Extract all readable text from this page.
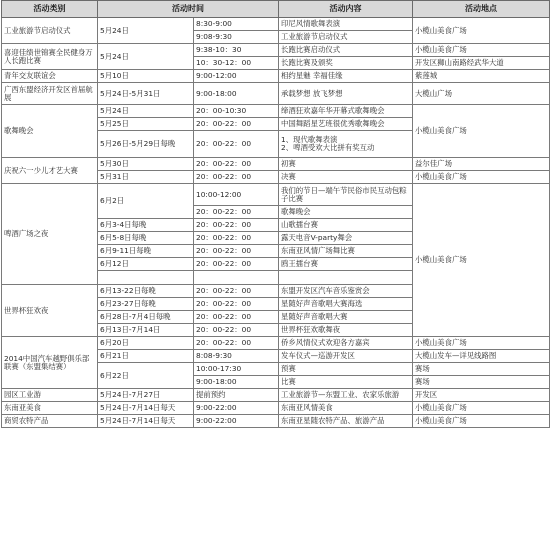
活动类别	活动时间		活动内容	活动地点
工业旅游节启动仪式	5月24日	8:30-9:00	印尼风情歌舞表演	小榄山美食广场
		9:08-9:30	工业旅游节启动仪式	
喜迎佳绩世锦赛全民健身万人长跑比赛	5月24日	9:38-10：30	长跑比赛启动仪式	小榄山美食广场
		10：30-12：00	长跑比赛及颁奖	开发区狮山南路经武华大道
青年交友联谊会	5月10日	9:00-12:00	相约星魅 幸福佳缘	紫莲城
广西东盟经济开发区首届航展	5月24日-5月31日	9:00-18:00	承载梦想 放飞梦想	大榄山广场
歌舞晚会	5月24日	20：00-10:30	缔酒狂欢嘉年华开幕式歌舞晚会	小榄山美食广场
	5月25日	20：00-22：00	中国舞蹈星艺班很优秀歌舞晚会	
	5月26日-5月29日每晚	20：00-22：00	1、现代歌舞表演
2、啤酒受欢大比拼有奖互动	

庆祝六一少儿才艺大赛	5月30日	20：00-22：00	初赛	益尔佳广场
	5月31日	20：00-22：00	决赛	小榄山美食广场
啤酒广场之夜	6月2日	10:00-12:00	我们的节日—端午节民俗市民互动包粽子比赛	小榄山美食广场
		20：00-22：00	歌舞晚会	
	6月3-4日每晚	20：00-22：00	山歌擂台赛	
	6月5-8日每晚	20：00-22：00	露天电音V-party舞会	
	6月9-11日每晚	20：00-22：00	东南亚风情广场舞比赛	
	6月12日	20：00-22：00	鸥王擂台赛	

世界杯狂欢夜	6月13-22日每晚	20：00-22：00	东盟开发区汽车音乐鉴赏会	
	6月23-27日每晚	20：00-22：00	星随好声音歌唱大赛海选	
	6月28日-7月4日每晚	20：00-22：00	星随好声音歌唱大赛	
	6月13日-7月14日	20：00-22：00	世界杯狂欢歌舞夜	
2014中国汽车越野俱乐部联赛（东盟集结赛）	6月20日	20：00-22：00	侨乡风情仪式欢迎各方嘉宾	小榄山美食广场
	6月21日	8:08-9:30	发车仪式—巡游开发区	大榄山发车—详见线路图
	6月22日	10:00-17:30	预赛	赛场
		9:00-18:00	比赛	赛场
园区工业游	5月24日-7月27日	提前预约	工业旅游节—东盟工业、农家乐旅游	开发区
东南亚美食	5月24日-7月14日每天	9:00-22:00	东南亚风情美食	小榄山美食广场
商贸农特产品	5月24日-7月14日每天	9:00-22:00	东南亚星随农特产品、旅游产品	小榄山美食广场
